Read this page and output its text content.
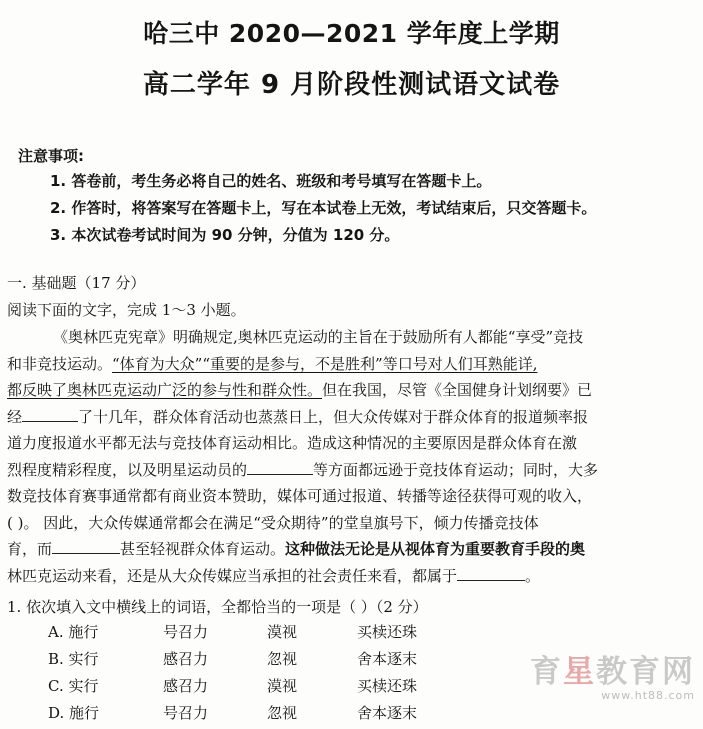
哈三中 2020—2021 学年度上学期
高二学年 9 月阶段性测试语文试卷
注意事项:
1. 答卷前，考生务必将自己的姓名、班级和考号填写在答题卡上。
2. 作答时，将答案写在答题卡上，写在本试卷上无效，考试结束后，只交答题卡。
3. 本次试卷考试时间为 90 分钟，分值为 120 分。
一. 基础题（17 分）
阅读下面的文字，完成 1～3 小题。

《奥林匹克宪章》明确规定,奥林匹克运动的主旨在于鼓励所有人都能“享受”竞技

和非竞技运动。“体育为大众”“重要的是参与，不是胜利”等口号对人们耳熟能详,

都反映了奥林匹克运动广泛的参与性和群众性。但在我国，尽管《全国健身计划纲要》已

经	了十几年，群众体育活动也蒸蒸日上，但大众传媒对于群众体育的报道频率报

道力度报道水平都无法与竞技体育运动相比。造成这种情况的主要原因是群众体育在激

烈程度精彩程度，以及明星运动员的	等方面都远逊于竞技体育运动；同时，大多

数竞技体育赛事通常都有商业资本赞助，媒体可通过报道、转播等途径获得可观的收入，

( )。 因此，大众传媒通常都会在满足“受众期待”的堂皇旗号下，倾力传播竞技体

育，而	甚至轻视群众体育运动。这种做法无论是从视体育为重要教育手段的奥

林匹克运动来看，还是从大众传媒应当承担的社会责任来看，都属于	。

1. 依次填入文中横线上的词语，全都恰当的一项是（ ）（2 分）
A. 施行	号召力	漠视	买椟还珠
B. 实行	感召力	忽视	舍本逐末
C. 实行	感召力	漠视	买椟还珠
D. 施行	号召力	忽视	舍本逐末
育星教育网
www.ht88.com
